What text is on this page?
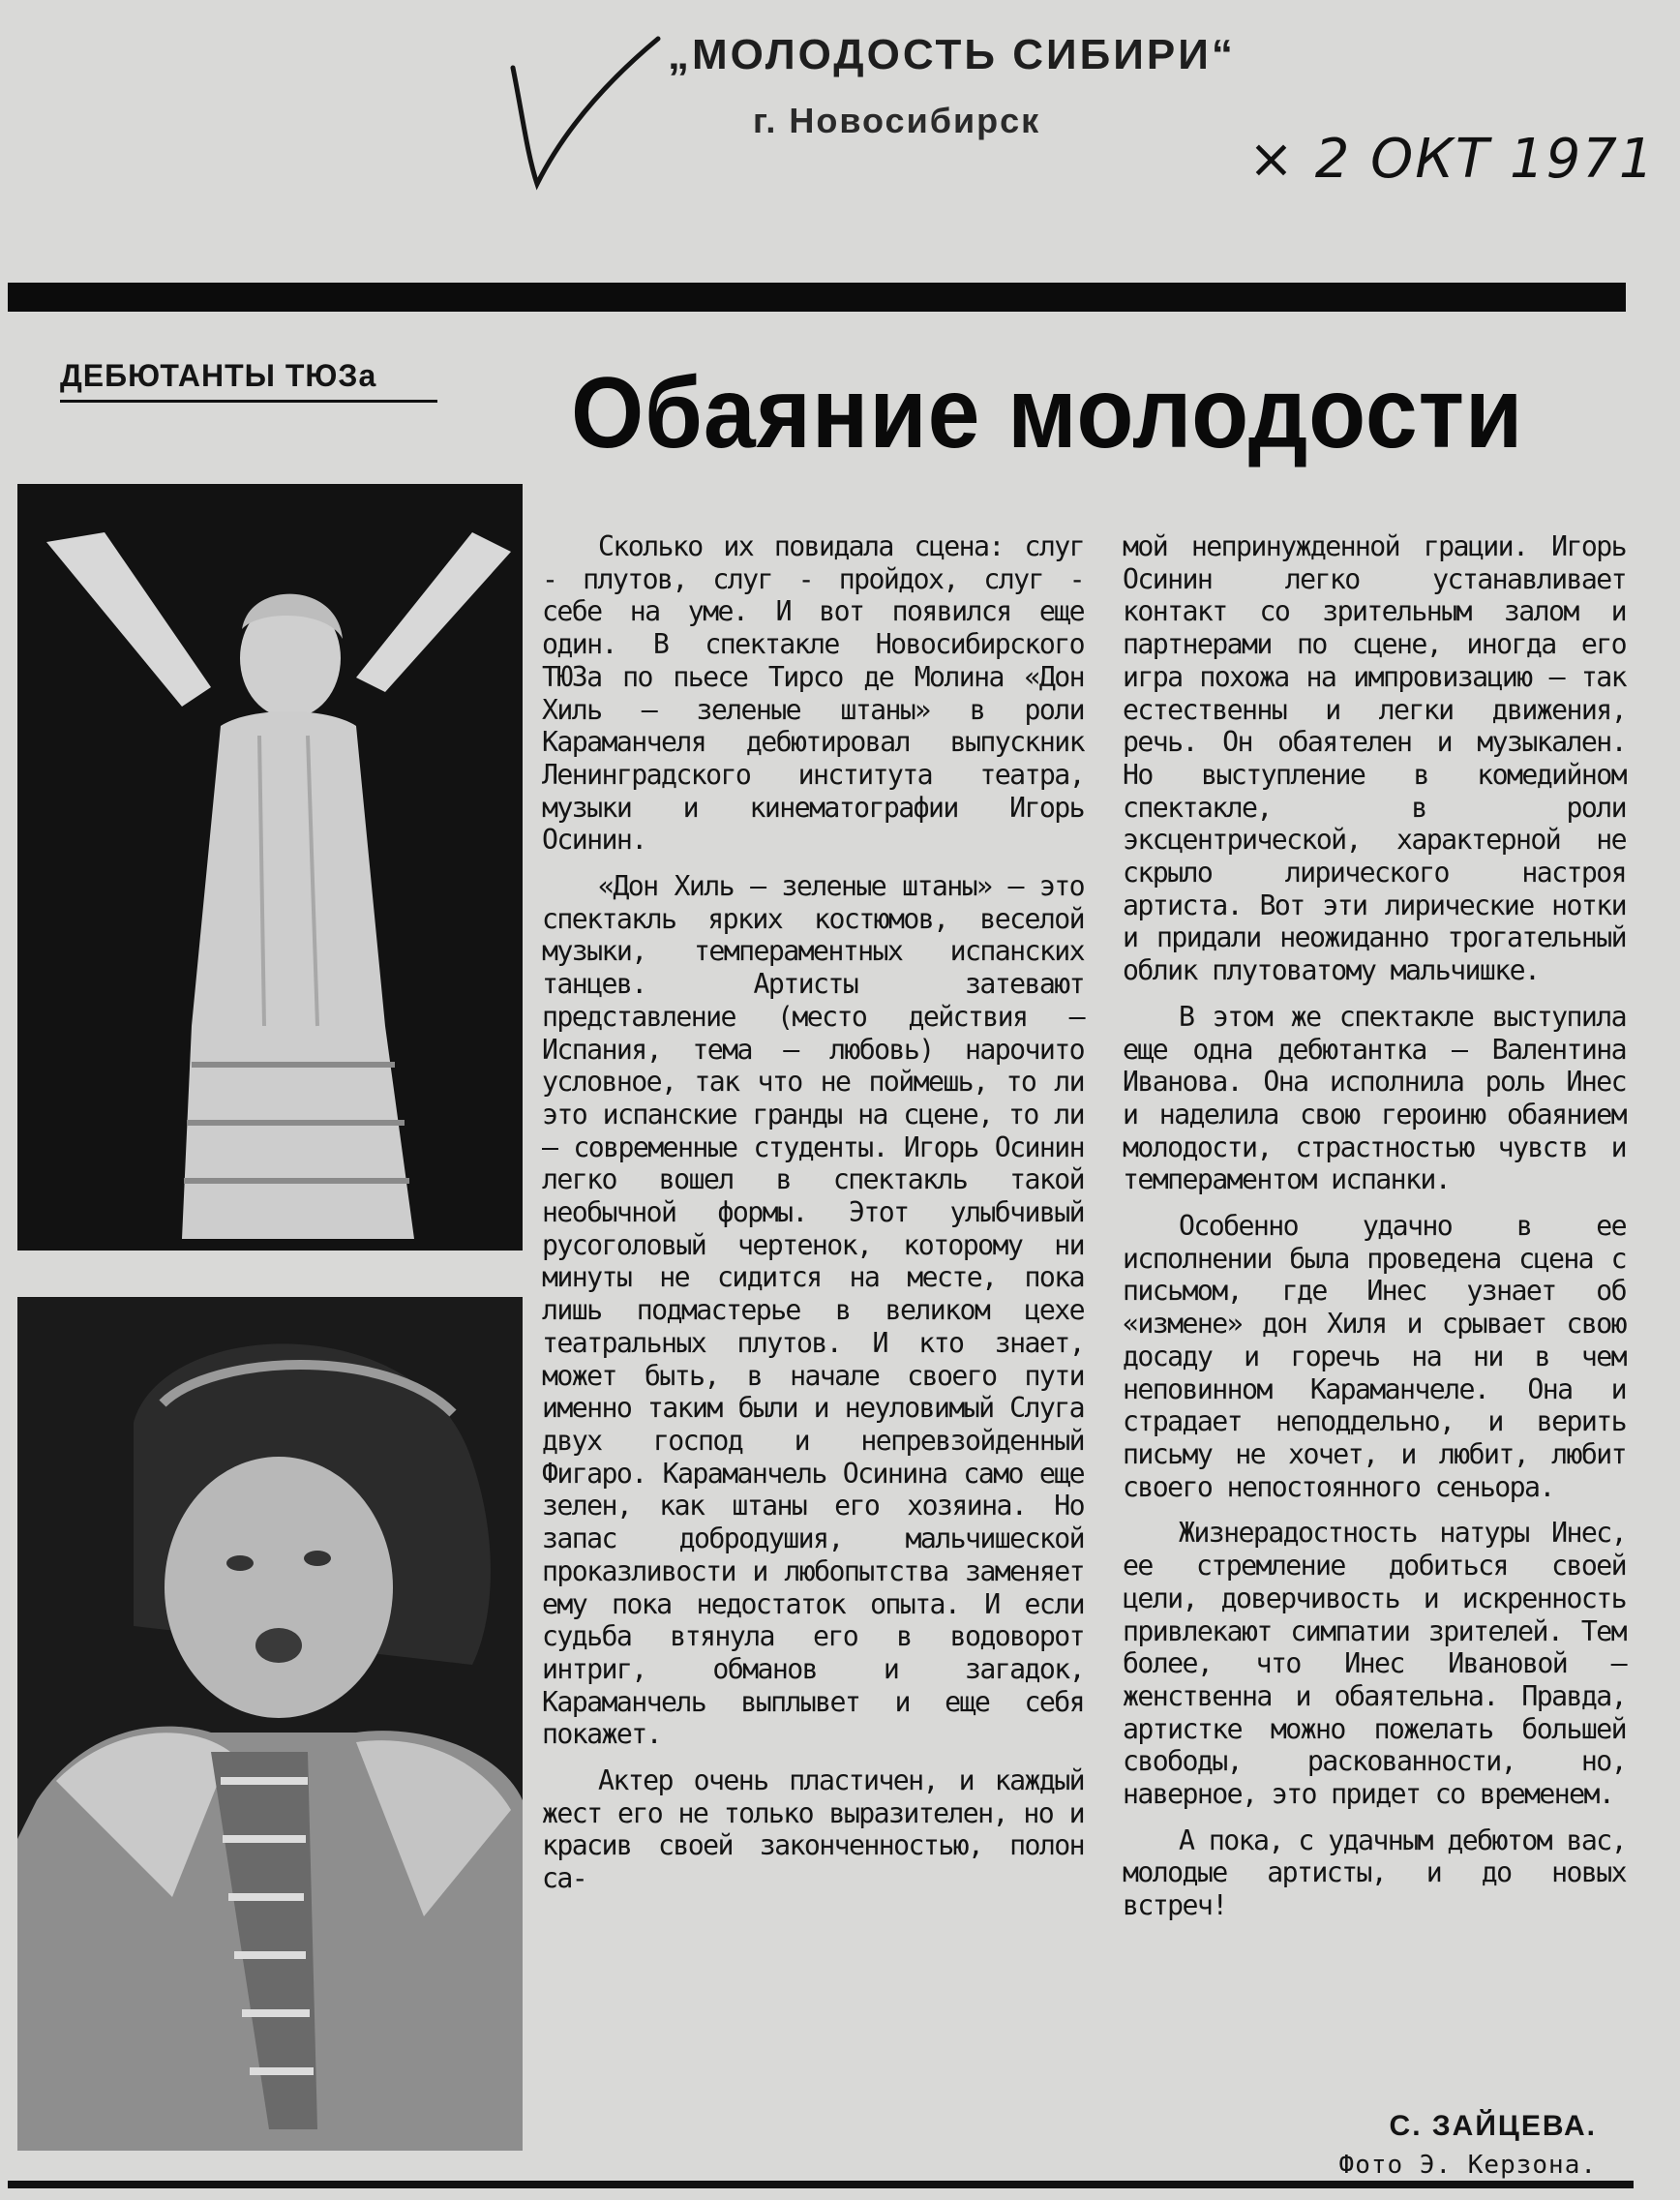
„МОЛОДОСТЬ СИБИРИ“
г. Новосибирск
× 2 ОКТ 1971
ДЕБЮТАНТЫ ТЮЗа	Обаяние молодости

Сколько их повидала сцена: слуг - плутов, слуг - пройдох, слуг - себе на уме. И вот появился еще один. В спектакле Новосибирского ТЮЗа по пьесе Тирсо де Молина «Дон Хиль — зеленые штаны» в роли Караманчеля дебютировал выпускник Ленинградского института театра, музыки и кинематографии Игорь Осинин.

«Дон Хиль — зеленые штаны» — это спектакль ярких костюмов, веселой музыки, темпераментных испанских танцев. Артисты затевают представление (место действия — Испания, тема — любовь) нарочито условное, так что не поймешь, то ли это испанские гранды на сцене, то ли — современные студенты. Игорь Осинин легко вошел в спектакль такой необычной формы. Этот улыбчивый русоголовый чертенок, которому ни минуты не сидится на месте, пока лишь подмастерье в великом цехе театральных плутов. И кто знает, может быть, в начале своего пути именно таким были и неуловимый Слуга двух господ и непревзойденный Фигаро. Караманчель Осинина само еще зелен, как штаны его хозяина. Но запас добродушия, мальчишеской проказливости и любопытства заменяет ему пока недостаток опыта. И если судьба втянула его в водоворот интриг, обманов и загадок, Караманчель выплывет и еще себя покажет.

Актер очень пластичен, и каждый жест его не только выразителен, но и красив своей законченностью, полон са-

мой непринужденной грации. Игорь Осинин легко устанавливает контакт со зрительным залом и партнерами по сцене, иногда его игра похожа на импровизацию — так естественны и легки движения, речь. Он обаятелен и музыкален. Но выступление в комедийном спектакле, в роли эксцентрической, характерной не скрыло лирического настроя артиста. Вот эти лирические нотки и придали неожиданно трогательный облик плутоватому мальчишке.

В этом же спектакле выступила еще одна дебютантка — Валентина Иванова. Она исполнила роль Инес и наделила свою героиню обаянием молодости, страстностью чувств и темпераментом испанки.

Особенно удачно в ее исполнении была проведена сцена с письмом, где Инес узнает об «измене» дон Хиля и срывает свою досаду и горечь на ни в чем неповинном Караманчеле. Она и страдает неподдельно, и верить письму не хочет, и любит, любит своего непостоянного сеньора.

Жизнерадостность натуры Инес, ее стремление добиться своей цели, доверчивость и искренность привлекают симпатии зрителей. Тем более, что Инес Ивановой — женственна и обаятельна. Правда, артистке можно пожелать большей свободы, раскованности, но, наверное, это придет со временем.

А пока, с удачным дебютом вас, молодые артисты, и до новых встреч!

С. ЗАЙЦЕВА.
Фото Э. Керзона.
